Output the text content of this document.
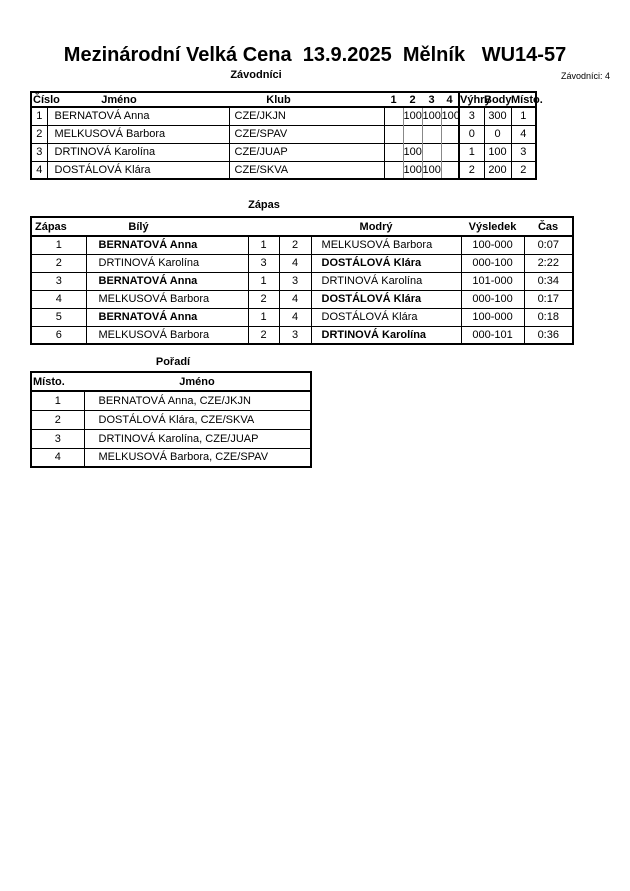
Mezinárodní Velká Cena  13.9.2025  Mělník   WU14-57
Závodníci	Závodníci: 4
Číslo	Jméno	Klub	1	2	3	4	Výhry	Body	Místo.
1	BERNATOVÁ Anna	CZE/JKJN		100	100	100	3	300	1
2	MELKUSOVÁ Barbora	CZE/SPAV					0	0	4
3	DRTINOVÁ Karolína	CZE/JUAP		100			1	100	3
4	DOSTÁLOVÁ Klára	CZE/SKVA		100	100		2	200	2
Zápas
Zápas	Bílý			Modrý	Výsledek	Čas
1	BERNATOVÁ Anna	1	2	MELKUSOVÁ Barbora	100-000	0:07
2	DRTINOVÁ Karolína	3	4	DOSTÁLOVÁ Klára	000-100	2:22
3	BERNATOVÁ Anna	1	3	DRTINOVÁ Karolína	101-000	0:34
4	MELKUSOVÁ Barbora	2	4	DOSTÁLOVÁ Klára	000-100	0:17
5	BERNATOVÁ Anna	1	4	DOSTÁLOVÁ Klára	100-000	0:18
6	MELKUSOVÁ Barbora	2	3	DRTINOVÁ Karolína	000-101	0:36
Pořadí
Místo.	Jméno
1	BERNATOVÁ Anna, CZE/JKJN
2	DOSTÁLOVÁ Klára, CZE/SKVA
3	DRTINOVÁ Karolína, CZE/JUAP
4	MELKUSOVÁ Barbora, CZE/SPAV
